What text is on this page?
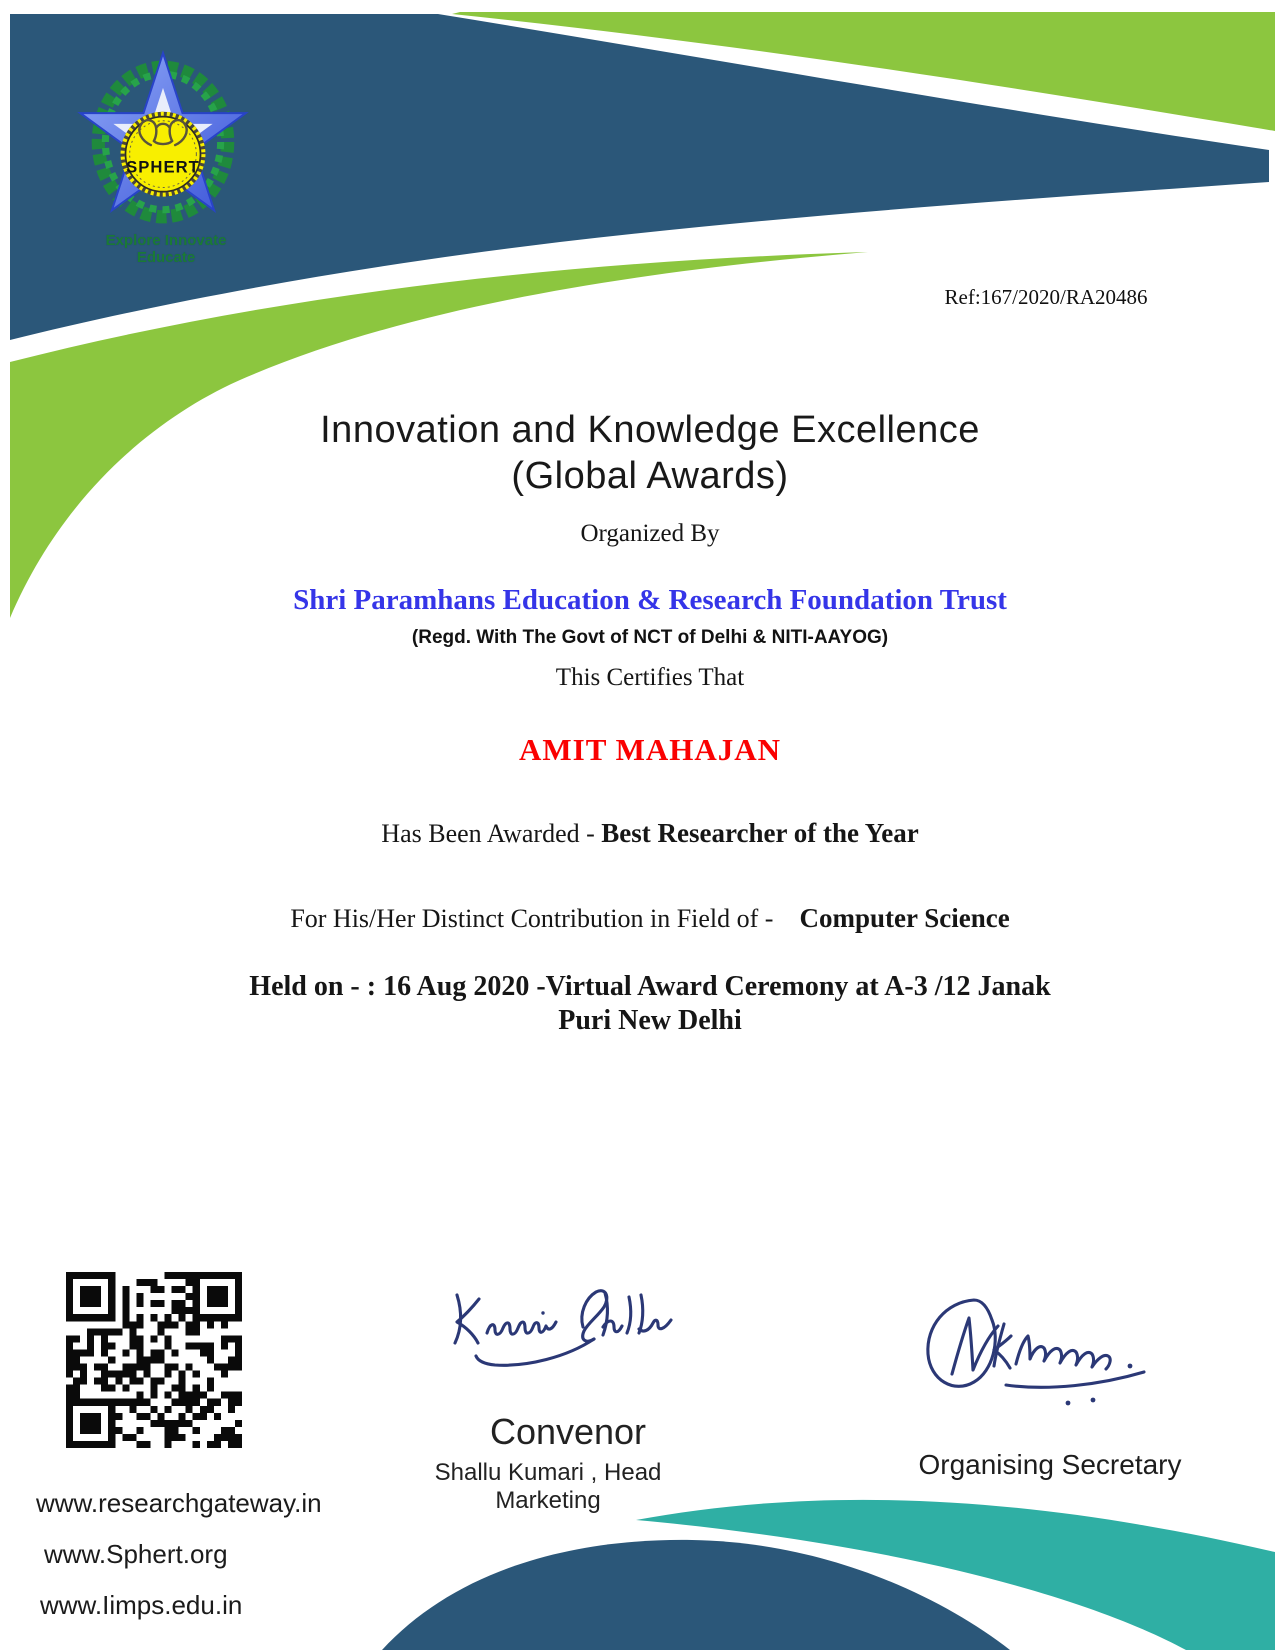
SPHERT
Explore Innovate Educate
Ref:167/2020/RA20486
Innovation and Knowledge Excellence
(Global Awards)
Organized By
Shri Paramhans Education & Research Foundation Trust
(Regd. With The Govt of NCT of Delhi & NITI-AAYOG)
This Certifies That
AMIT MAHAJAN
Has Been Awarded - Best Researcher of the Year
For His/Her Distinct Contribution in Field of - Computer Science
Held on - : 16 Aug 2020 -Virtual Award Ceremony at A-3 /12 Janak
Puri New Delhi
www.researchgateway.in
www.Sphert.org
www.Iimps.edu.in
Convenor
Shallu Kumari , Head Marketing
Organising Secretary
